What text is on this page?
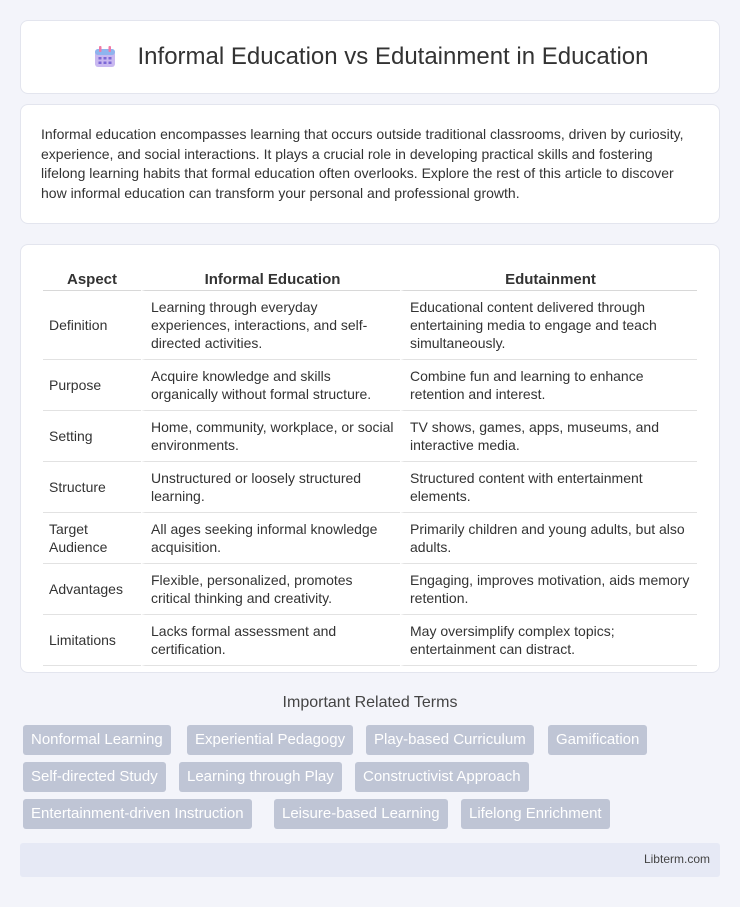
Informal Education vs Edutainment in Education

Informal education encompasses learning that occurs outside traditional classrooms, driven by curiosity, experience, and social interactions. It plays a crucial role in developing practical skills and fostering lifelong learning habits that formal education often overlooks. Explore the rest of this article to discover how informal education can transform your personal and professional growth.

Aspect	Informal Education	Edutainment
Definition	Learning through everyday experiences, interactions, and self-directed activities.	Educational content delivered through entertaining media to engage and teach simultaneously.
Purpose	Acquire knowledge and skills organically without formal structure.	Combine fun and learning to enhance retention and interest.
Setting	Home, community, workplace, or social environments.	TV shows, games, apps, museums, and interactive media.
Structure	Unstructured or loosely structured learning.	Structured content with entertainment elements.
Target Audience	All ages seeking informal knowledge acquisition.	Primarily children and young adults, but also adults.
Advantages	Flexible, personalized, promotes critical thinking and creativity.	Engaging, improves motivation, aids memory retention.
Limitations	Lacks formal assessment and certification.	May oversimplify complex topics; entertainment can distract.
Important Related Terms
Nonformal Learning	Experiential Pedagogy	Play-based Curriculum	Gamification
Self-directed Study	Learning through Play	Constructivist Approach
Entertainment-driven Instruction	Leisure-based Learning	Lifelong Enrichment
Libterm.com
